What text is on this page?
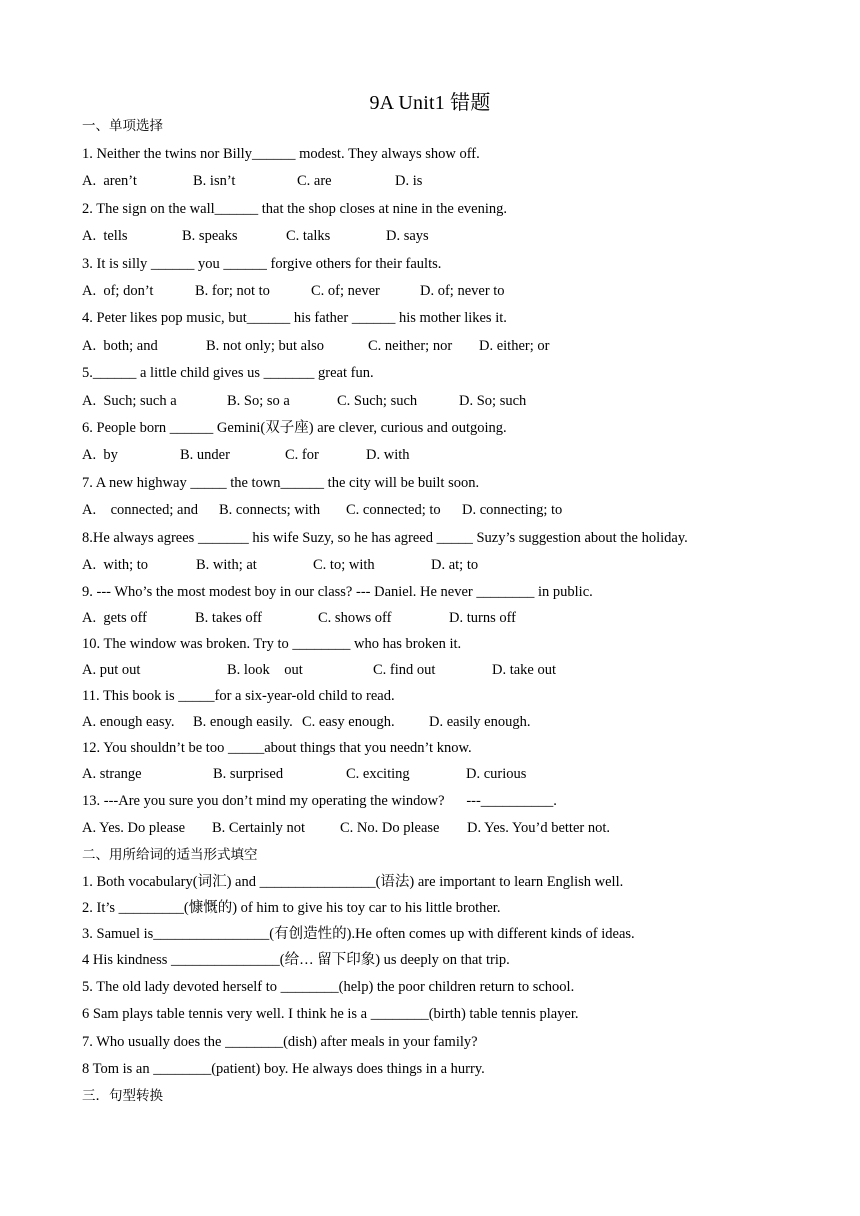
9A Unit1 错题
一、单项选择
1. Neither the twins nor Billy______ modest. They always show off.
A.  aren’t	B. isn’t	C. are	D. is
2. The sign on the wall______ that the shop closes at nine in the evening.
A.  tells	B. speaks	C. talks	D. says
3. It is silly ______ you ______ forgive others for their faults.
A.  of; don’t	B. for; not to	C. of; never	D. of; never to
4. Peter likes pop music, but______ his father ______ his mother likes it.
A.  both; and	B. not only; but also	C. neither; nor D. either; or
5.______ a little child gives us _______ great fun.
A.  Such; such a	B. So; so a	C. Such; such	D. So; such
6. People born ______ Gemini(双子座) are clever, curious and outgoing.
A.  by	B. under	C. for	D. with
7. A new highway _____ the town______ the city will be built soon.
A.    connected; and B. connects; with C. connected; to D. connecting; to
8.He always agrees _______ his wife Suzy, so he has agreed _____ Suzy’s suggestion about the holiday.
A.  with; to	B. with; at	C. to; with	D. at; to
9. --- Who’s the most modest boy in our class? --- Daniel. He never ________ in public.
A.  gets off	B. takes off	C. shows off	D. turns off
10. The window was broken. Try to ________ who has broken it.
A. put out	B. look    out	C. find out	D. take out
11. This book is _____for a six-year-old child to read.
A. enough easy. B. enough easily. C. easy enough. D. easily enough.
12. You shouldn’t be too _____about things that you needn’t know.
A. strange	B. surprised	C. exciting	D. curious
13. ---Are you sure you don’t mind my operating the window?      ---__________.
A. Yes. Do please B. Certainly not C. No. Do please D. Yes. You’d better not.
二、用所给词的适当形式填空
1. Both vocabulary(词汇) and ________________(语法) are important to learn English well.
2. It’s _________(慷慨的) of him to give his toy car to his little brother.
3. Samuel is________________(有创造性的).He often comes up with different kinds of ideas.
4 His kindness _______________(给… 留下印象) us deeply on that trip.
5. The old lady devoted herself to ________(help) the poor children return to school.
6 Sam plays table tennis very well. I think he is a ________(birth) table tennis player.
7. Who usually does the ________(dish) after meals in your family?
8 Tom is an ________(patient) boy. He always does things in a hurry.
三．句型转换
